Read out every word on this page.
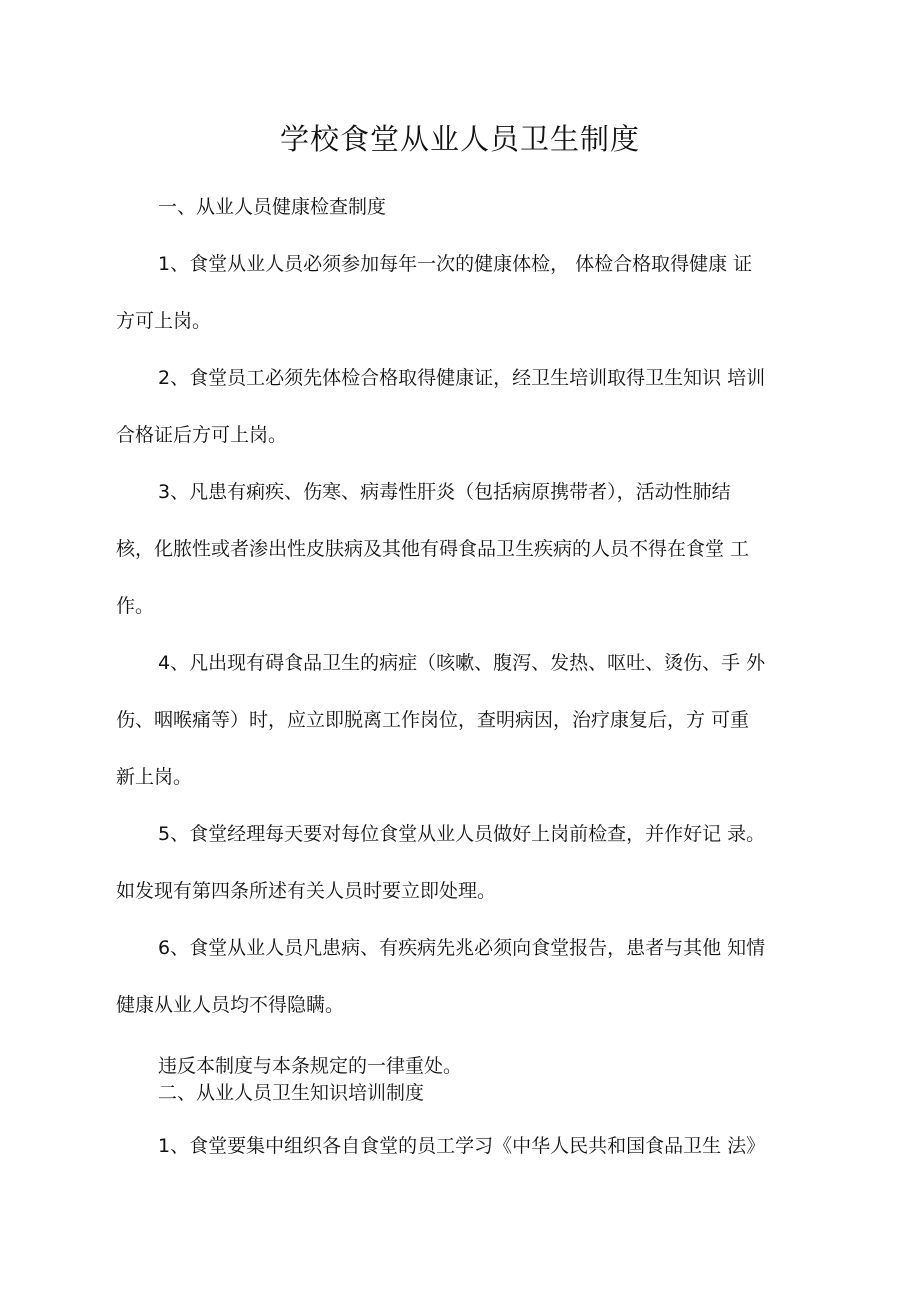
学校食堂从业人员卫生制度

一、从业人员健康检查制度

1、食堂从业人员必须参加每年一次的健康体检， 体检合格取得健康 证

方可上岗。

2、食堂员工必须先体检合格取得健康证，经卫生培训取得卫生知识 培训

合格证后方可上岗。

3、凡患有痢疾、伤寒、病毒性肝炎（包括病原携带者），活动性肺结

核，化脓性或者渗出性皮肤病及其他有碍食品卫生疾病的人员不得在食堂 工

作。

4、凡出现有碍食品卫生的病症（咳嗽、腹泻、发热、呕吐、烫伤、手 外

伤、咽喉痛等）时，应立即脱离工作岗位，查明病因，治疗康复后，方 可重

新上岗。

5、食堂经理每天要对每位食堂从业人员做好上岗前检查，并作好记 录。

如发现有第四条所述有关人员时要立即处理。

6、食堂从业人员凡患病、有疾病先兆必须向食堂报告，患者与其他 知情

健康从业人员均不得隐瞒。

违反本制度与本条规定的一律重处。

二、从业人员卫生知识培训制度

1、食堂要集中组织各自食堂的员工学习《中华人民共和国食品卫生 法》
